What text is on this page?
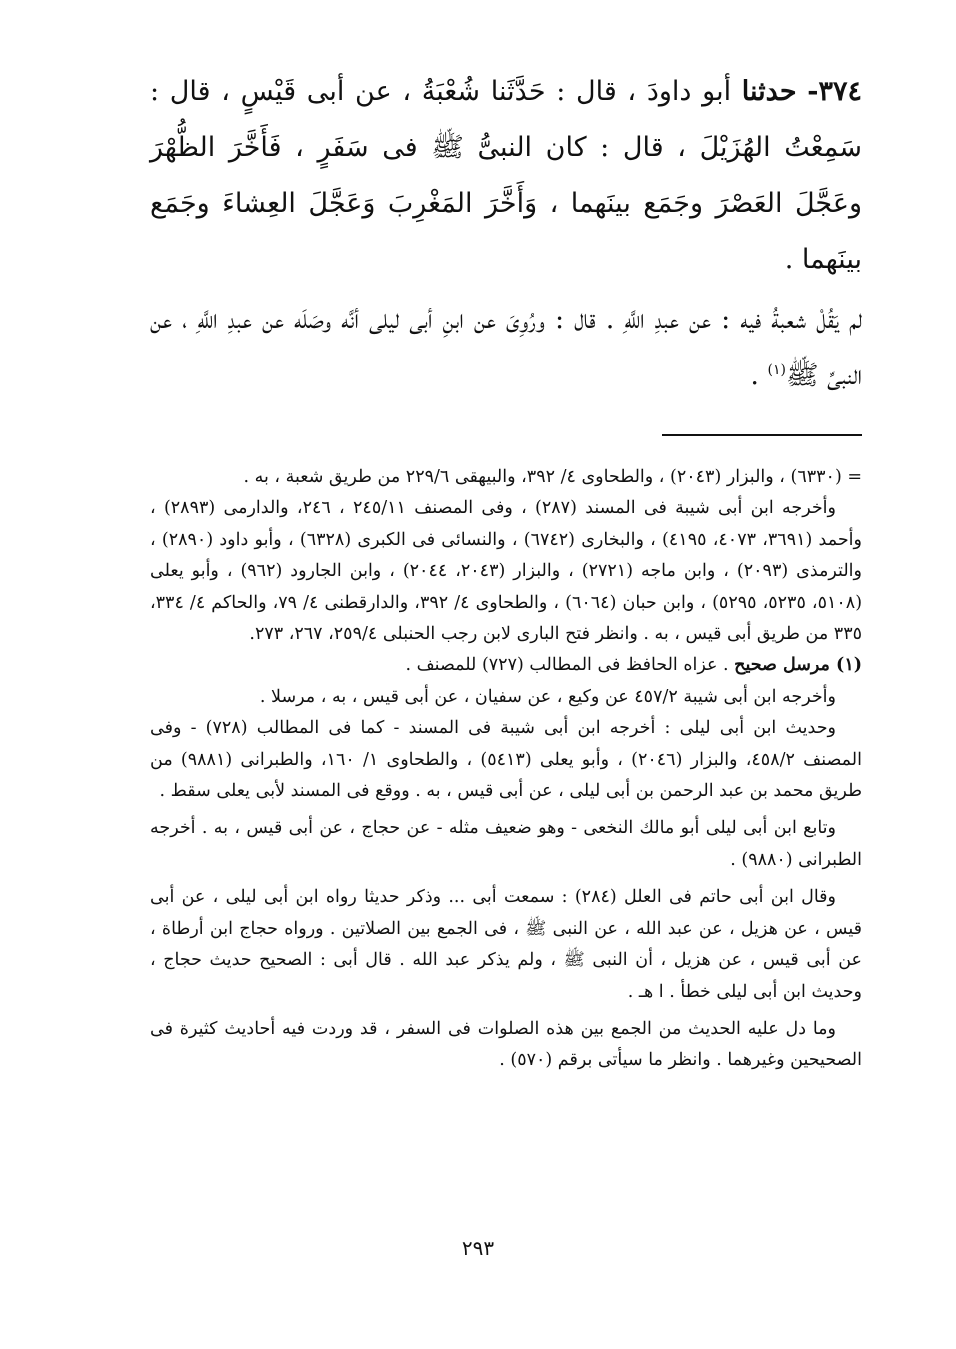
٣٧٤- حدثنا أبو داودَ ، قال : حَدَّثَنا شُعْبَةُ ، عن أبى قَيْسٍ ، قال : سَمِعْتُ الهُزَيْلَ ، قال : كان النبىُّ ﷺ فى سَفَرٍ ، فَأَخَّرَ الظُّهْرَ وعَجَّلَ العَصْرَ وجَمَع بينَهما ، وَأَخَّرَ المَغْرِبَ وَعَجَّلَ العِشاءَ وجَمَع بينَهما .

لم يَقُلْ شعبةُ فيه : عن عبدِ اللَّهِ . قال : ورُوِىَ عن ابنِ أبى ليلى أنَّه وصَلَه عن عبدِ اللَّهِ ، عن النبىِّ ﷺ$^{(١)}$ .

= (٦٣٣٠) ، والبزار (٢٠٤٣) ، والطحاوى ٤/ ٣٩٢، والبيهقى ٢٢٩/٦ من طريق شعبة ، به .

وأخرجه ابن أبى شيبة فى المسند (٢٨٧) ، وفى المصنف ٢٤٥/١١ ، ٢٤٦، والدارمى (٢٨٩٣) ، وأحمد (٣٦٩١، ٤٠٧٣، ٤١٩٥) ، والبخارى (٦٧٤٢) ، والنسائى فى الكبرى (٦٣٢٨) ، وأبو داود (٢٨٩٠) ، والترمذى (٢٠٩٣) ، وابن ماجه (٢٧٢١) ، والبزار (٢٠٤٣، ٢٠٤٤) ، وابن الجارود (٩٦٢) ، وأبو يعلى (٥١٠٨، ٥٢٣٥، ٥٢٩٥) ، وابن حبان (٦٠٦٤) ، والطحاوى ٤/ ٣٩٢، والدارقطنى ٤/ ٧٩، والحاكم ٤/ ٣٣٤، ٣٣٥ من طريق أبى قيس ، به . وانظر فتح البارى لابن رجب الحنبلى ٢٥٩/٤، ٢٦٧، ٢٧٣.

(١) مرسل صحيح . عزاه الحافظ فى المطالب (٧٢٧) للمصنف .

وأخرجه ابن أبى شيبة ٤٥٧/٢ عن وكيع ، عن سفيان ، عن أبى قيس ، به ، مرسلا .

وحديث ابن أبى ليلى : أخرجه ابن أبى شيبة فى المسند - كما فى المطالب (٧٢٨) - وفى المصنف ٤٥٨/٢، والبزار (٢٠٤٦) ، وأبو يعلى (٥٤١٣) ، والطحاوى ١/ ١٦٠، والطبرانى (٩٨٨١) من طريق محمد بن عبد الرحمن بن أبى ليلى ، عن أبى قيس ، به . ووقع فى المسند لأبى يعلى سقط .

وتابع ابن أبى ليلى أبو مالك النخعى - وهو ضعيف مثله - عن حجاج ، عن أبى قيس ، به . أخرجه الطبرانى (٩٨٨٠) .

وقال ابن أبى حاتم فى العلل (٢٨٤) : سمعت أبى ... وذكر حديثا رواه ابن أبى ليلى ، عن أبى قيس ، عن هزيل ، عن عبد الله ، عن النبى ﷺ ، فى الجمع بين الصلاتين . ورواه حجاج ابن أرطاة ، عن أبى قيس ، عن هزيل ، أن النبى ﷺ ، ولم يذكر عبد الله . قال أبى : الصحيح حديث حجاج ، وحديث ابن أبى ليلى خطأ . ا هـ .

وما دل عليه الحديث من الجمع بين هذه الصلوات فى السفر ، قد وردت فيه أحاديث كثيرة فى الصحيحين وغيرهما . وانظر ما سيأتى برقم (٥٧٠) .

٢٩٣
